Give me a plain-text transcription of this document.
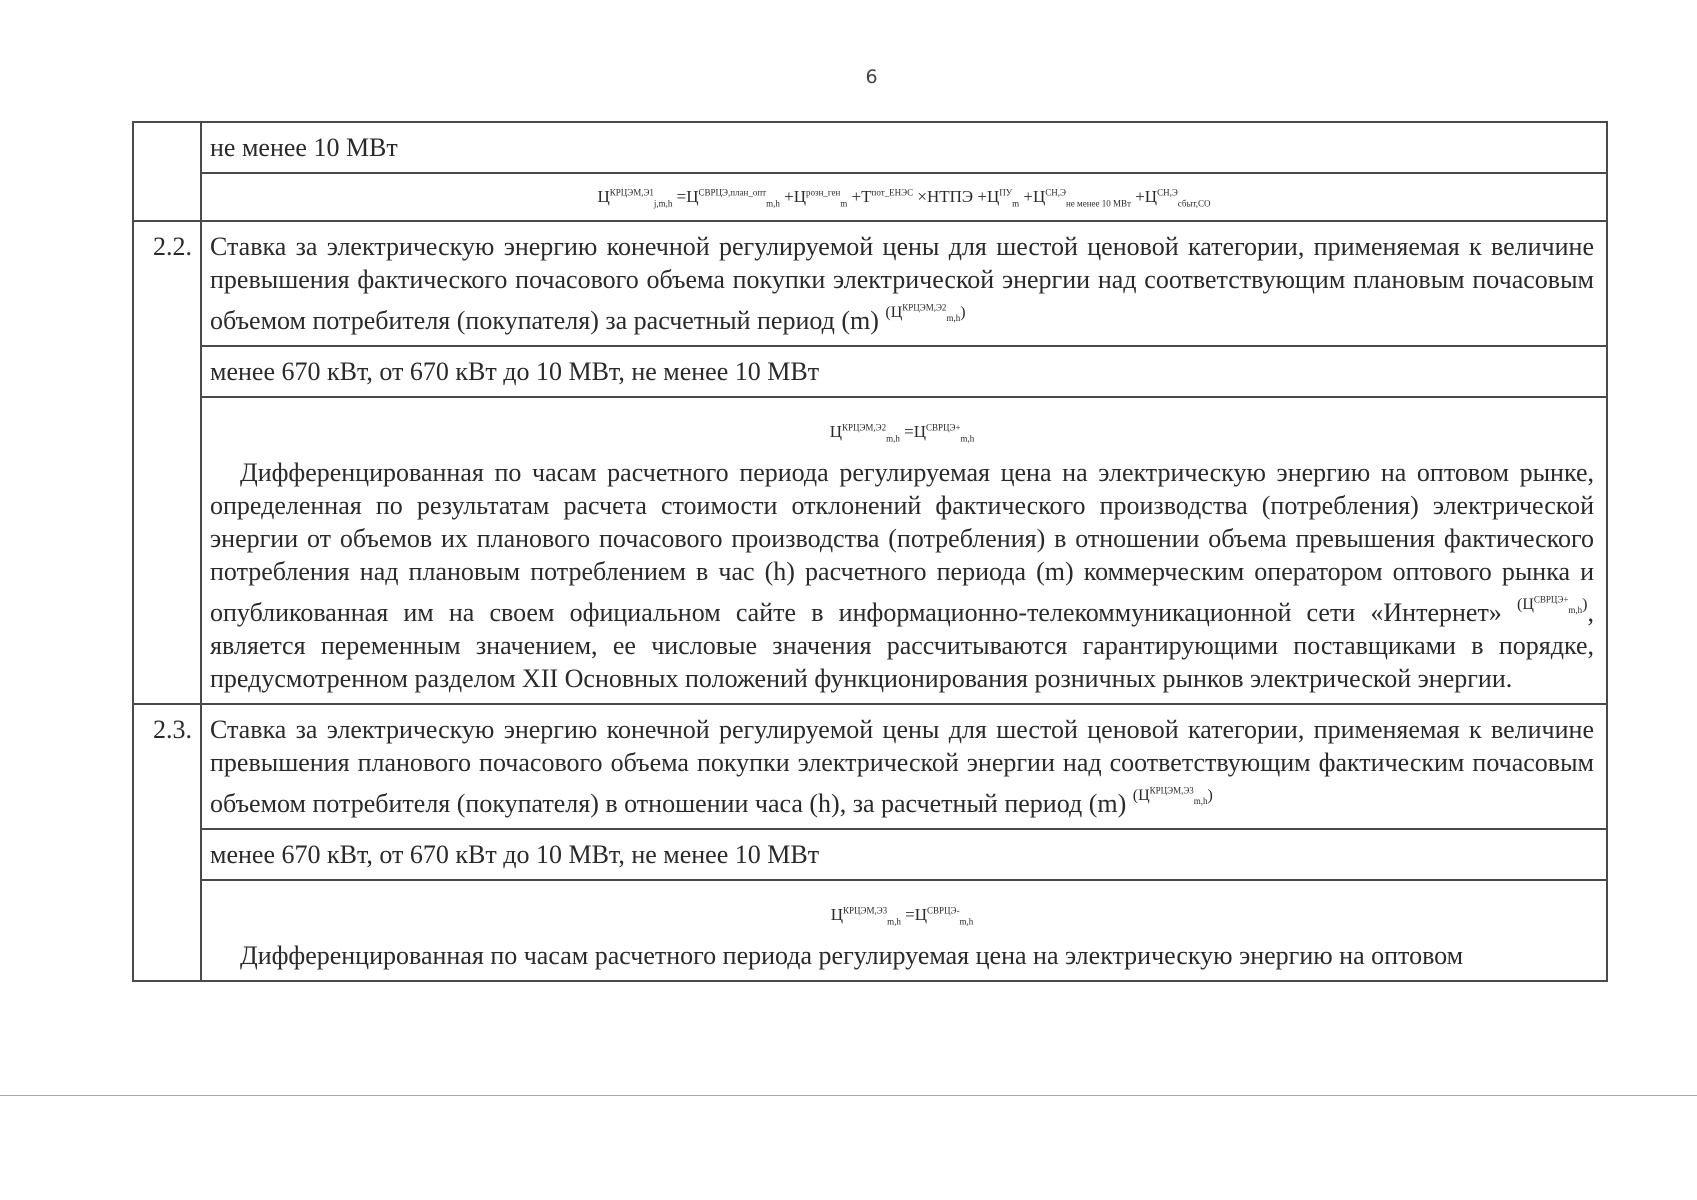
6
не менее 10 МВт
$Ц^{КРЦЭМ,Э1}_{j,m,h} =Ц^{СВРЦЭ,план\_опт}_{m,h} +Ц^{розн\_ген}_m +Т^{пот\_ЕНЭС}$ ×НТПЭ $+Ц^{ПУ}_m +Ц^{СН,Э}_{не менее 10 МВт} +Ц^{СН,Э}_{сбыт,СО}$
2.2. Ставка за электрическую энергию конечной регулируемой цены для шестой ценовой категории, применяемая к величине превышения фактического почасового объема покупки электрической энергии над соответствующим плановым почасовым объемом потребителя (покупателя) за расчетный период (m) $^{(Ц^{КРЦЭМ,Э2}_{m,h})}$
менее 670 кВт, от 670 кВт до 10 МВт, не менее 10 МВт
$Ц^{КРЦЭМ,Э2}_{m,h} =Ц^{СВРЦЭ+}_{m,h}$
Дифференцированная по часам расчетного периода регулируемая цена на электрическую энергию на оптовом рынке, определенная по результатам расчета стоимости отклонений фактического производства (потребления) электрической энергии от объемов их планового почасового производства (потребления) в отношении объема превышения фактического потребления над плановым потреблением в час (h) расчетного периода (m) коммерческим оператором оптового рынка и опубликованная им на своем официальном сайте в информационно-телекоммуникационной сети «Интернет» $^{(Ц^{СВРЦЭ+}_{m,h})}$, является переменным значением, ее числовые значения рассчитываются гарантирующими поставщиками в порядке, предусмотренном разделом XII Основных положений функционирования розничных рынков электрической энергии.
2.3. Ставка за электрическую энергию конечной регулируемой цены для шестой ценовой категории, применяемая к величине превышения планового почасового объема покупки электрической энергии над соответствующим фактическим почасовым объемом потребителя (покупателя) в отношении часа (h), за расчетный период (m) $^{(Ц^{КРЦЭМ,Э3}_{m,h})}$
менее 670 кВт, от 670 кВт до 10 МВт, не менее 10 МВт
$Ц^{КРЦЭМ,Э3}_{m,h} =Ц^{СВРЦЭ-}_{m,h}$
Дифференцированная по часам расчетного периода регулируемая цена на электрическую энергию на оптовом
